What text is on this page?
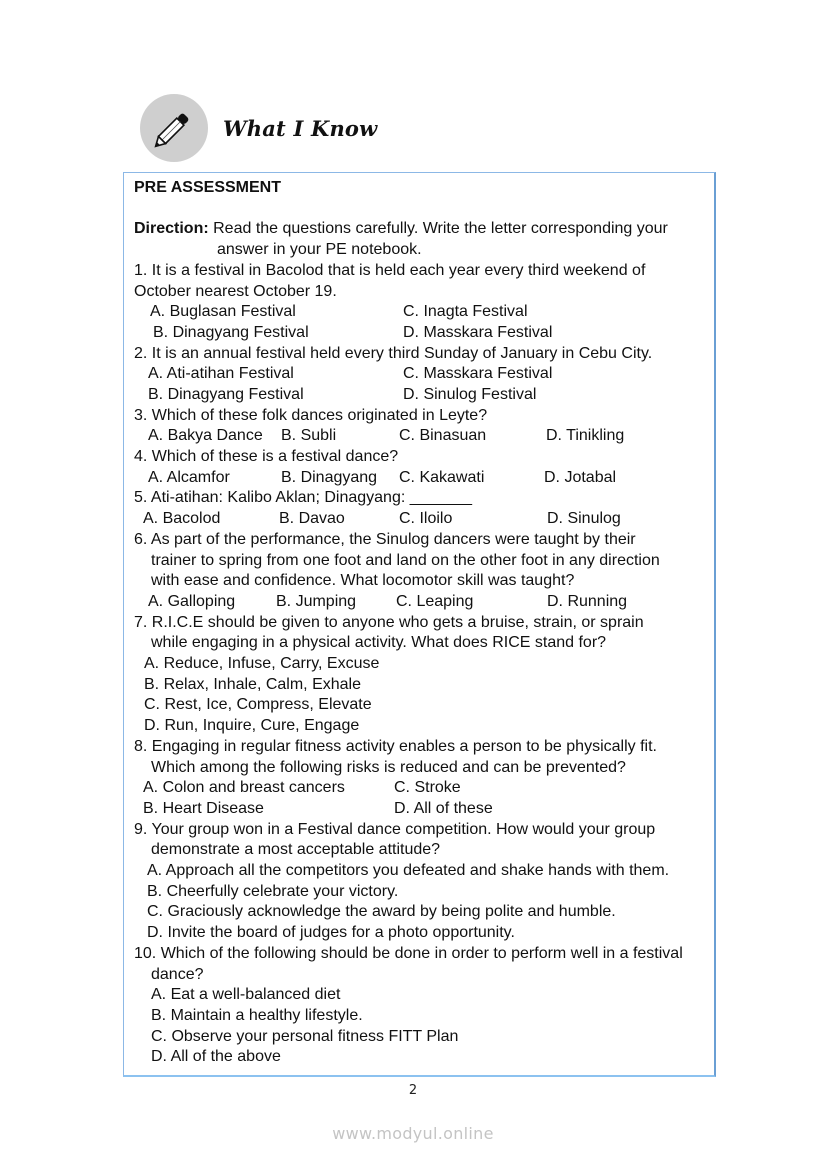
What I Know
PRE ASSESSMENT
Direction: Read the questions carefully. Write the letter corresponding your
answer in your PE notebook.
1. It is a festival in Bacolod that is held each year every third weekend of
October nearest October 19.
A. Buglasan Festival	C. Inagta Festival
B. Dinagyang Festival	D. Masskara Festival
2. It is an annual festival held every third Sunday of January in Cebu City.
A. Ati-atihan Festival	C. Masskara Festival
B. Dinagyang Festival	D. Sinulog Festival
3. Which of these folk dances originated in Leyte?
A. Bakya Dance B. Subli	C. Binasuan	D. Tinikling
4. Which of these is a festival dance?
A. Alcamfor	B. Dinagyang C. Kakawati	D. Jotabal
5. Ati-atihan: Kalibo Aklan; Dinagyang: _______
A. Bacolod	B. Davao	C. Iloilo	D. Sinulog
6. As part of the performance, the Sinulog dancers were taught by their
trainer to spring from one foot and land on the other foot in any direction
with ease and confidence. What locomotor skill was taught?
A. Galloping	B. Jumping C. Leaping	D. Running
7. R.I.C.E should be given to anyone who gets a bruise, strain, or sprain
while engaging in a physical activity. What does RICE stand for?
A. Reduce, Infuse, Carry, Excuse
B. Relax, Inhale, Calm, Exhale
C. Rest, Ice, Compress, Elevate
D. Run, Inquire, Cure, Engage
8. Engaging in regular fitness activity enables a person to be physically fit.
Which among the following risks is reduced and can be prevented?
A. Colon and breast cancers	C. Stroke
B. Heart Disease	D. All of these
9. Your group won in a Festival dance competition. How would your group
demonstrate a most acceptable attitude?
A. Approach all the competitors you defeated and shake hands with them.
B. Cheerfully celebrate your victory.
C. Graciously acknowledge the award by being polite and humble.
D. Invite the board of judges for a photo opportunity.
10. Which of the following should be done in order to perform well in a festival
dance?
A. Eat a well-balanced diet
B. Maintain a healthy lifestyle.
C. Observe your personal fitness FITT Plan
D. All of the above
2
www.modyul.online
